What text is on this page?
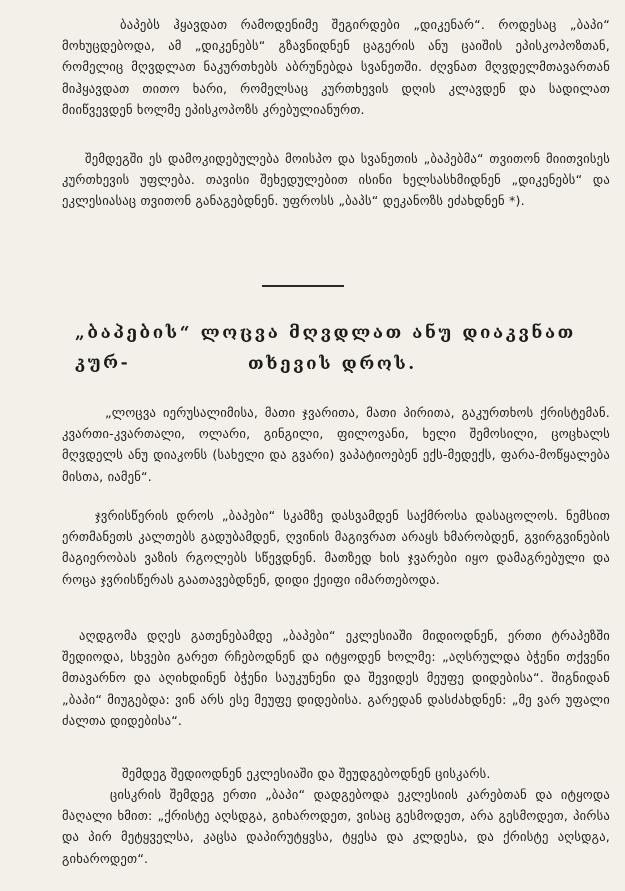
ბაპებს ჰყავდათ რამოდენიმე შეგირდები „დიკენარ“. როდესაც „ბაპი“ მოხუცდებოდა, ამ „დიკენებს“ გზავნიდნენ ცაგერის ანუ ცაიშის ეპისკოპოზთან, რომელიც მღვდლათ ნაკურთხებს აბრუნებდა სვანეთში. ძღვნათ მღვდელმთავართან მიჰყავდათ თითო ხარი, რომელსაც კურთხევის დღის კლავდენ და სადილათ მიიწვევდენ ხოლმე ეპისკოპოზს კრებულიანურთ.
შემდეგში ეს დამოკიდებულება მოისპო და სვანეთის „ბაპებმა“ თვითონ მიითვისეს კურთხევის უფლება. თავისი შეხედულებით ისინი ხელსასხმიდნენ „დიკენებს“ და ეკლესიასაც თვითონ განაგებდნენ. უფროსს „ბაპს“ დეკანოზს ეძახდნენ *).
„ბაპების“ ლოცვა მღვდლათ ანუ დიაკვნათ კურ-	თხევის დროს.
„ლოცვა იერუსალიმისა, მათი ჯვარითა, მათი პირითა, გაკურთხოს ქრისტემან. კვართი-კვართალი, ოლარი, გინგილი, ფილოვანი, ხელი შემოსილი, ცოცხალს მღვდელს ანუ დიაკონს (სახელი და გვარი) ვაპატიოებენ ექს-მედექს, ფარა-მოწყალება მისთა, იამენ“.
ჯვრისწერის დროს „ბაპები“ სკამზე დასვამდენ საქმროსა დასაცოლოს. ნემსით ერთმანეთს კალთებს გადუბამდენ, ღვინის მაგივრათ არაყს ხმარობდენ, გვირგვინების მაგიერობას ვაზის რგოლებს სწევდნენ. მათზედ ხის ჯვარები იყო დამაგრებული და როცა ჯვრისწერას გაათავებდნენ, დიდი ქეიფი იმართებოდა.
აღდგომა დღეს გათენებამდე „ბაპები“ ეკლესიაში მიდიოდნენ, ერთი ტრაპეზში შედიოდა, სხვები გარეთ რჩებოდნენ და იტყოდენ ხოლმე: „აღსრულდა ბჭენი თქვენი მთავარნო და აღიხდინენ ბჭენი საუკუნენი და შევიდეს მეუფე დიდებისა“. შიგნიდან „ბაპი“ მიუგებდა: ვინ არს ესე მეუფე დიდებისა. გარედან დასძახდნენ: „მე ვარ უფალი ძალთა დიდებისა“.
შემდეგ შედიოდნენ ეკლესიაში და შეუდგებოდნენ ცისკარს.
ცისკრის შემდეგ ერთი „ბაპი“ დადგებოდა ეკლესიის კარებთან და იტყოდა მაღალი ხმით: „ქრისტე აღსდგა, გიხაროდეთ, ვისაც გესმოდეთ, არა გესმოდეთ, პირსა და პირ მეტყველსა, კაცსა დაპირუტყვსა, ტყესა და კლდესა, და ქრისტე აღსდგა, გიხაროდეთ“.
